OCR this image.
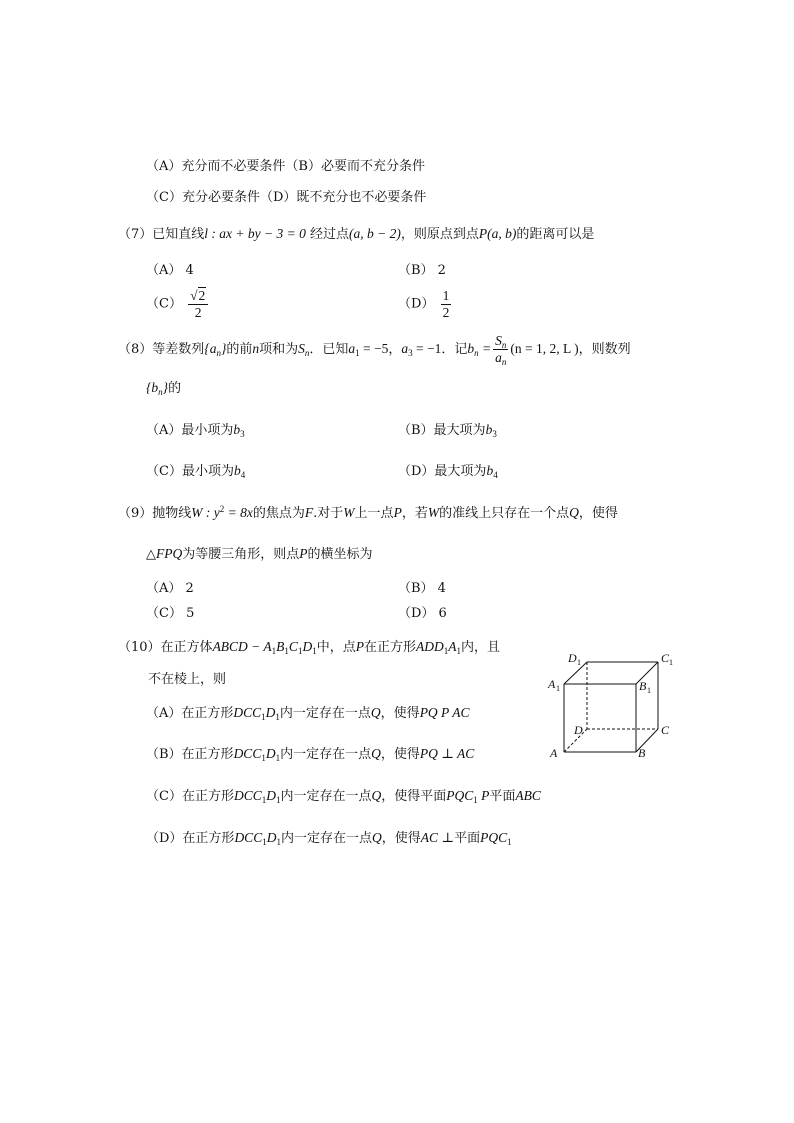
（A）充分而不必要条件（B）必要而不充分条件
（C）充分必要条件（D）既不充分也不必要条件
（7）已知直线l : ax + by − 3 = 0 经过点(a, b − 2)，则原点到点P(a, b)的距离可以是
（A） 4	（B） 2
$(C) \frac{√2}{2}$	$(D) \frac{1}{2}$
（8）等差数列$\{a_n\}$的前n项和为$S_n$．已知$a_1 = -5$，$a_3 = -1$．记$b_n = \frac{S_n}{a_n} (n = 1$, 2, L )，则数列
$\{b_n\}$的
（A）最小项为$b_3$	（B）最大项为$b_3$
（C）最小项为$b_4$	（D）最大项为$b_4$
（9）抛物线W : $y^2 = 8x$的焦点为F.对于W上一点P，若W的准线上只存在一个点Q，使得
△FPQ为等腰三角形，则点P的横坐标为
（A） 2	（B） 4
（C） 5	（D） 6
（10）在正方体ABCD − $A_1B_1C_1D_1$中，点P在正方形$ADD_1A_1$内，且
不在棱上，则
（A）在正方形$DCC_1D_1$内一定存在一点Q，使得PQ P AC
（B）在正方形$DCC_1D_1$内一定存在一点Q，使得PQ ⊥ AC
（C）在正方形$DCC_1D_1$内一定存在一点Q，使得平面$PQC_1$ P平面ABC
（D）在正方形$DCC_1D_1$内一定存在一点Q，使得AC ⊥平面$PQC_1$
D 1	C 1
A 1	B 1
D	C
A	B
